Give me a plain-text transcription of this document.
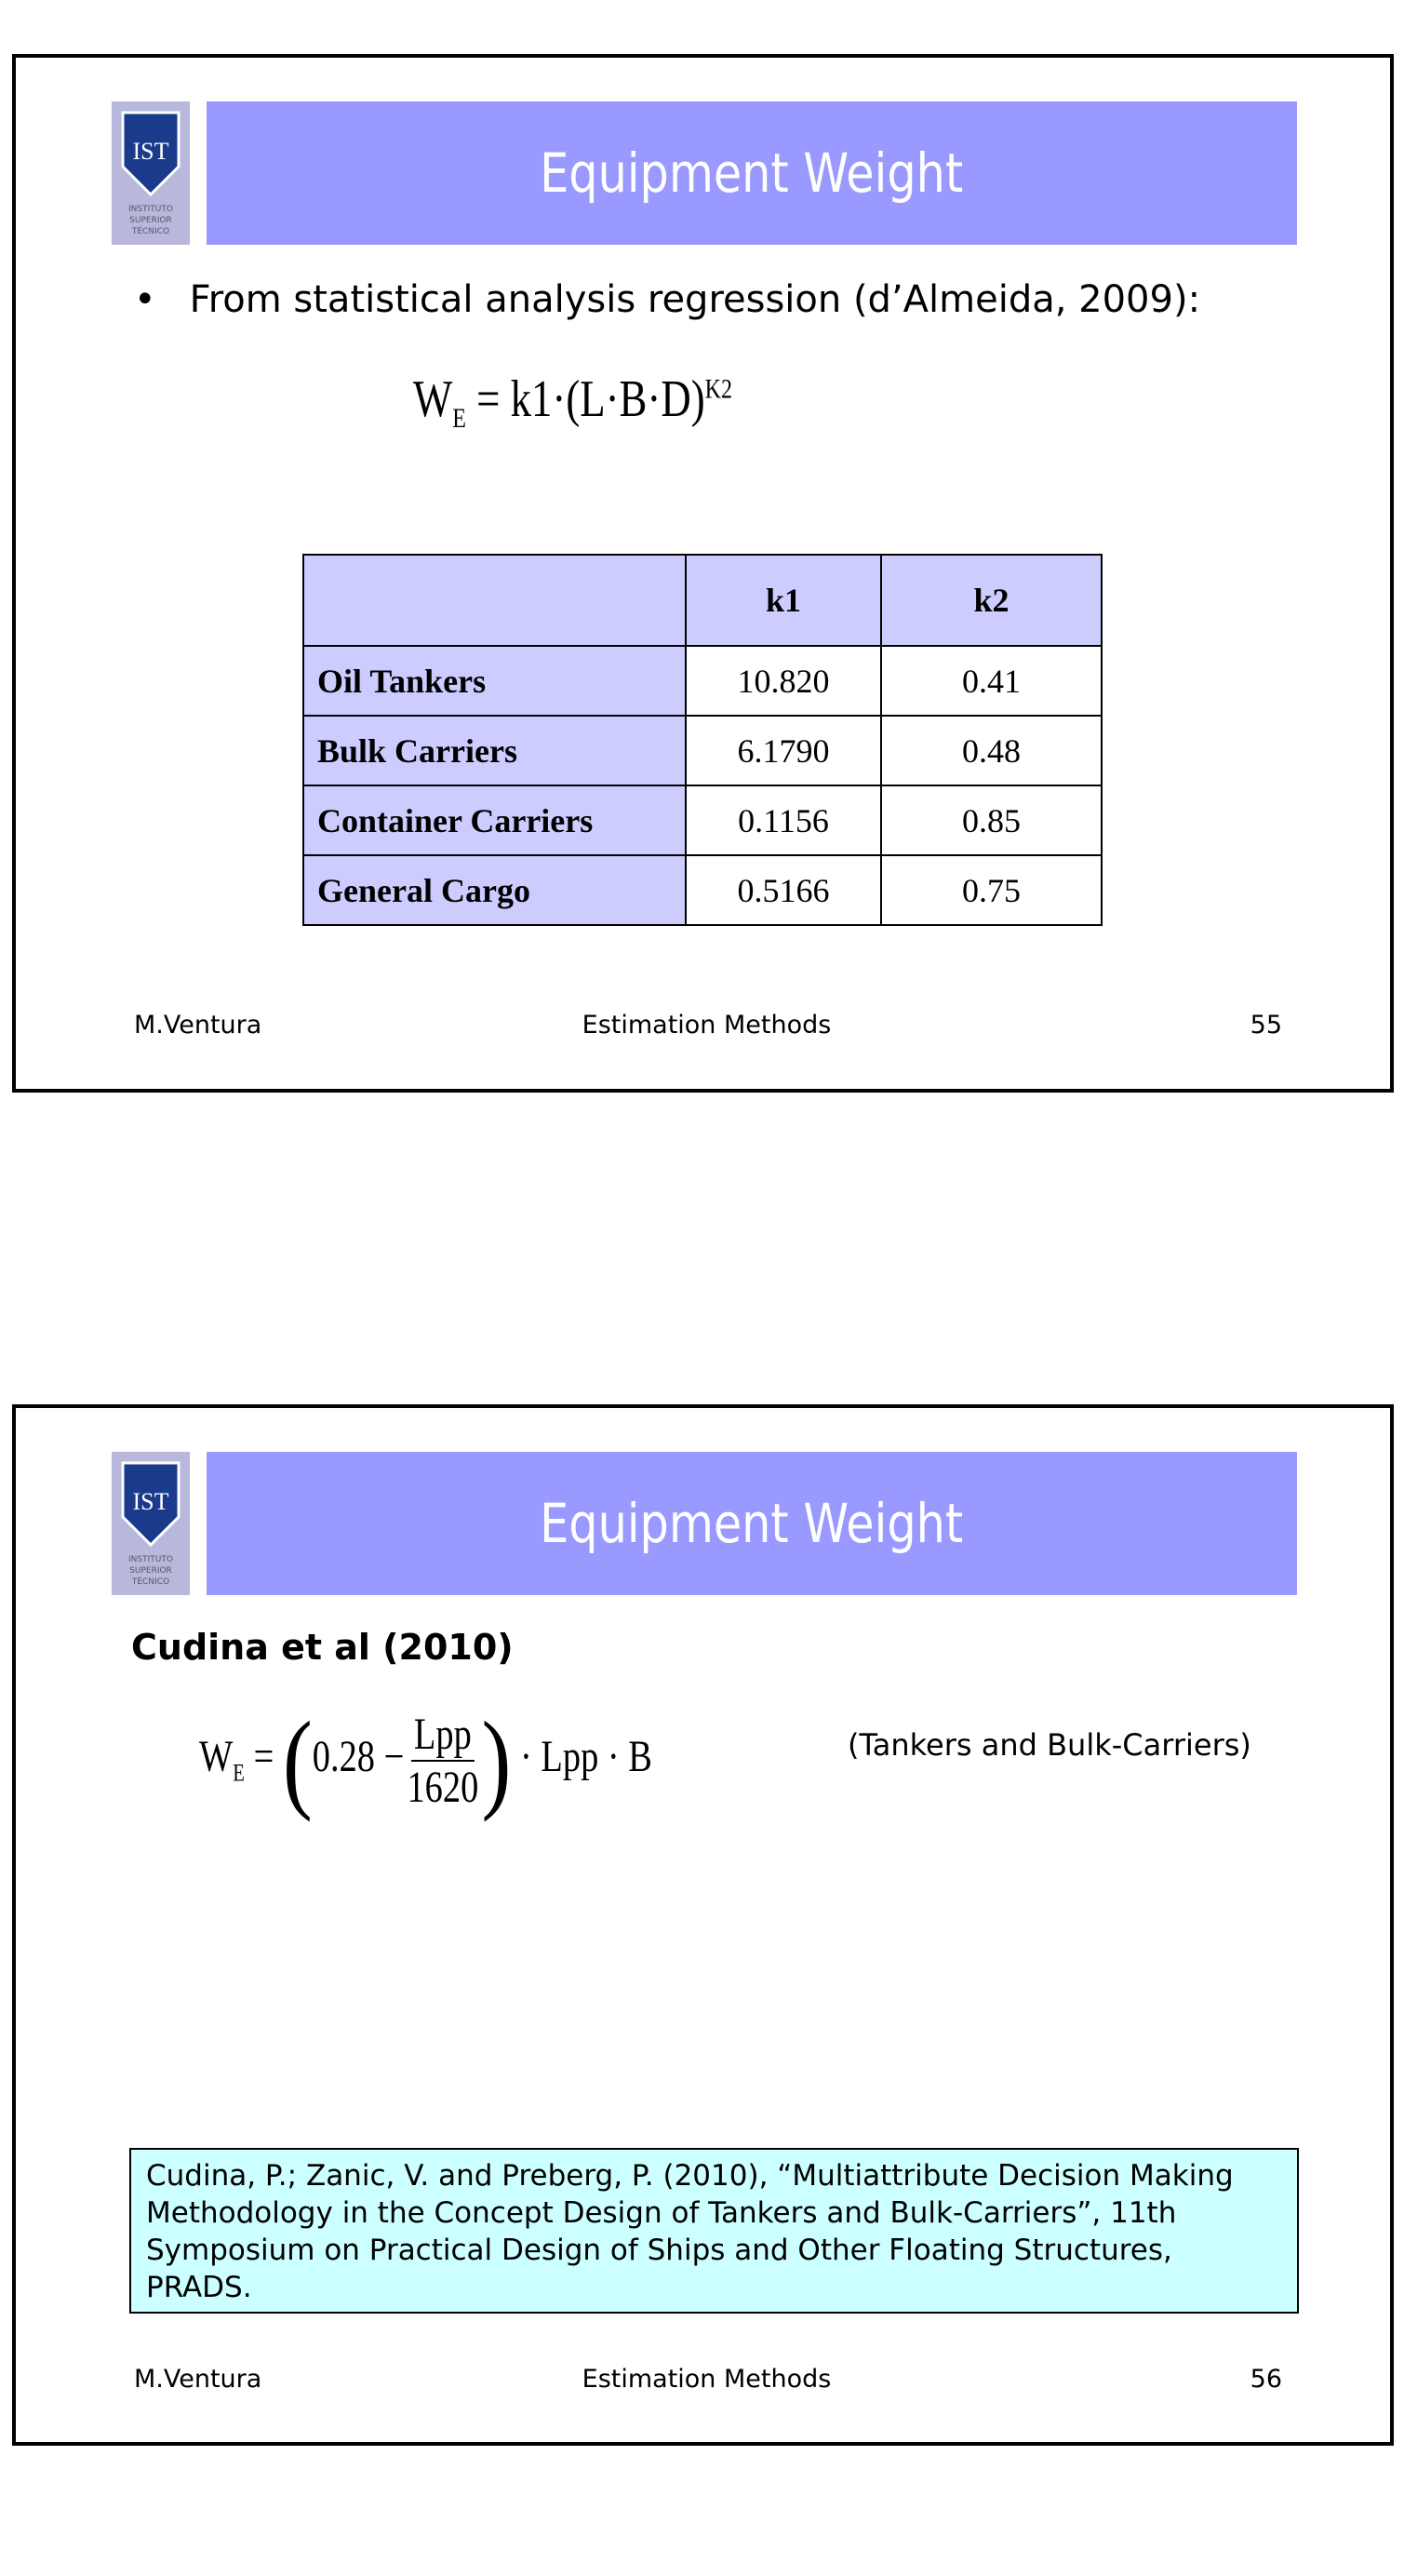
IST
INSTITUTO
SUPERIOR
TÉCNICO
Equipment Weight
• From statistical analysis regression (d’Almeida, 2009):
$W_E = k1\cdot(L\cdot B\cdot D)^{K2}$
	k1	k2
Oil Tankers	10.820	0.41
Bulk Carriers	6.1790	0.48
Container Carriers	0.1156	0.85
General Cargo	0.5166	0.75
M.Ventura	Estimation Methods	55
IST
INSTITUTO
SUPERIOR
TÉCNICO
Equipment Weight
Cudina et al (2010)
$W_E = (0.28 - \frac{\text{Lpp}}{1620}$ ) · Lpp · B	(Tankers and Bulk-Carriers)
Cudina, P.; Zanic, V. and Preberg, P. (2010), “Multiattribute Decision Making Methodology in the Concept Design of Tankers and Bulk-Carriers”, 11th Symposium on Practical Design of Ships and Other Floating Structures, PRADS.
M.Ventura	Estimation Methods	56
